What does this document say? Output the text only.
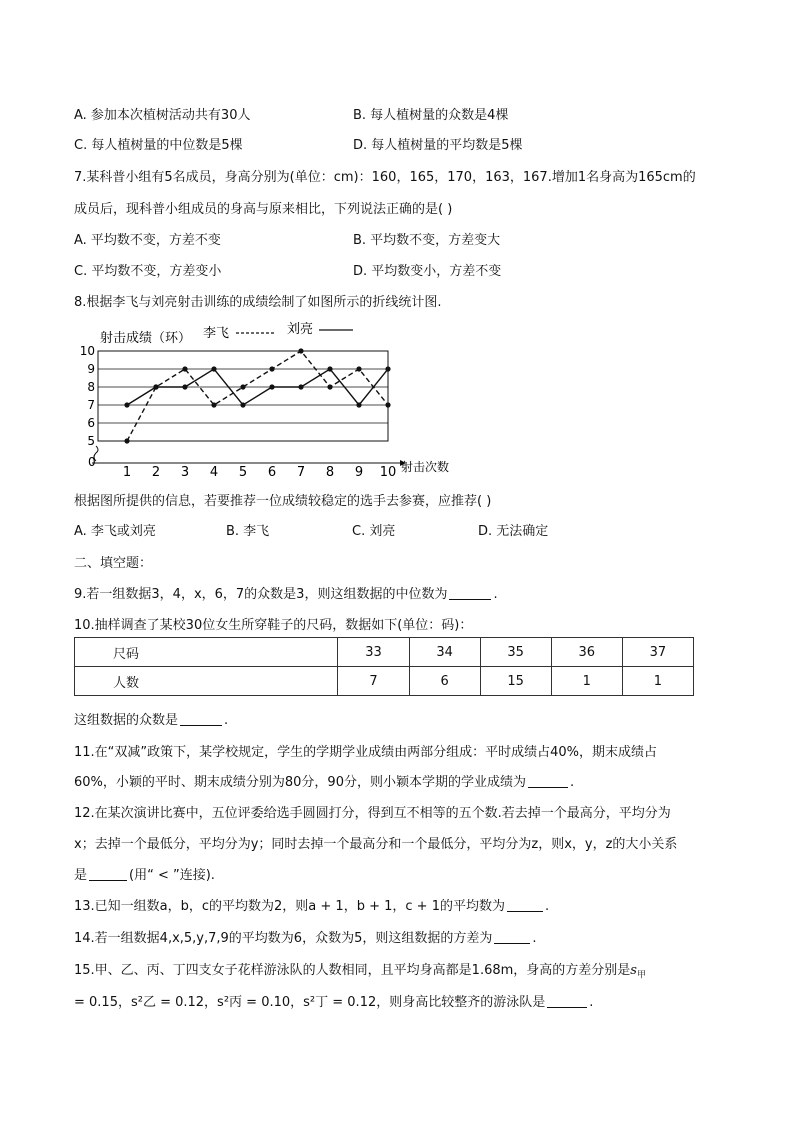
A. 参加本次植树活动共有30人	B. 每人植树量的众数是4棵
C. 每人植树量的中位数是5棵	D. 每人植树量的平均数是5棵
7.某科普小组有5名成员，身高分别为(单位：cm)：160，165，170，163，167.增加1名身高为165cm的
成员后，现科普小组成员的身高与原来相比，下列说法正确的是( )
A. 平均数不变，方差不变	B. 平均数不变，方差变大
C. 平均数不变，方差变小	D. 平均数变小，方差不变
8.根据李飞与刘亮射击训练的成绩绘制了如图所示的折线统计图.
5
6
7
8
9
10
1 2 3 4 5 6 7 8 9 10
射击成绩（环）
射击次数
0
李飞	刘亮
根据图所提供的信息，若要推荐一位成绩较稳定的选手去参赛，应推荐( )
A. 李飞或刘亮	B. 李飞	C. 刘亮	D. 无法确定
二、填空题：
9.若一组数据3，4，x，6，7的众数是3，则这组数据的中位数为	.
10.抽样调查了某校30位女生所穿鞋子的尺码，数据如下(单位：码)：
尺码	33	34	35	36	37
人数	7	6	15	1	1
这组数据的众数是	.
11.在“双减”政策下，某学校规定，学生的学期学业成绩由两部分组成：平时成绩占40%，期末成绩占
60%，小颖的平时、期末成绩分别为80分，90分，则小颖本学期的学业成绩为	.
12.在某次演讲比赛中，五位评委给选手圆圆打分，得到互不相等的五个数.若去掉一个最高分，平均分为
x；去掉一个最低分，平均分为y；同时去掉一个最高分和一个最低分，平均分为z，则x，y，z的大小关系
是	(用“ < ”连接).
13.已知一组数a，b，c的平均数为2，则a + 1，b + 1，c + 1的平均数为	.
14.若一组数据4,x,5,y,7,9的平均数为6，众数为5，则这组数据的方差为	.
15.甲、乙、丙、丁四支女子花样游泳队的人数相同，且平均身高都是1.68m，身高的方差分别是$s_甲$
= 0.15，s²乙 = 0.12，s²丙 = 0.10，s²丁 = 0.12，则身高比较整齐的游泳队是	.
